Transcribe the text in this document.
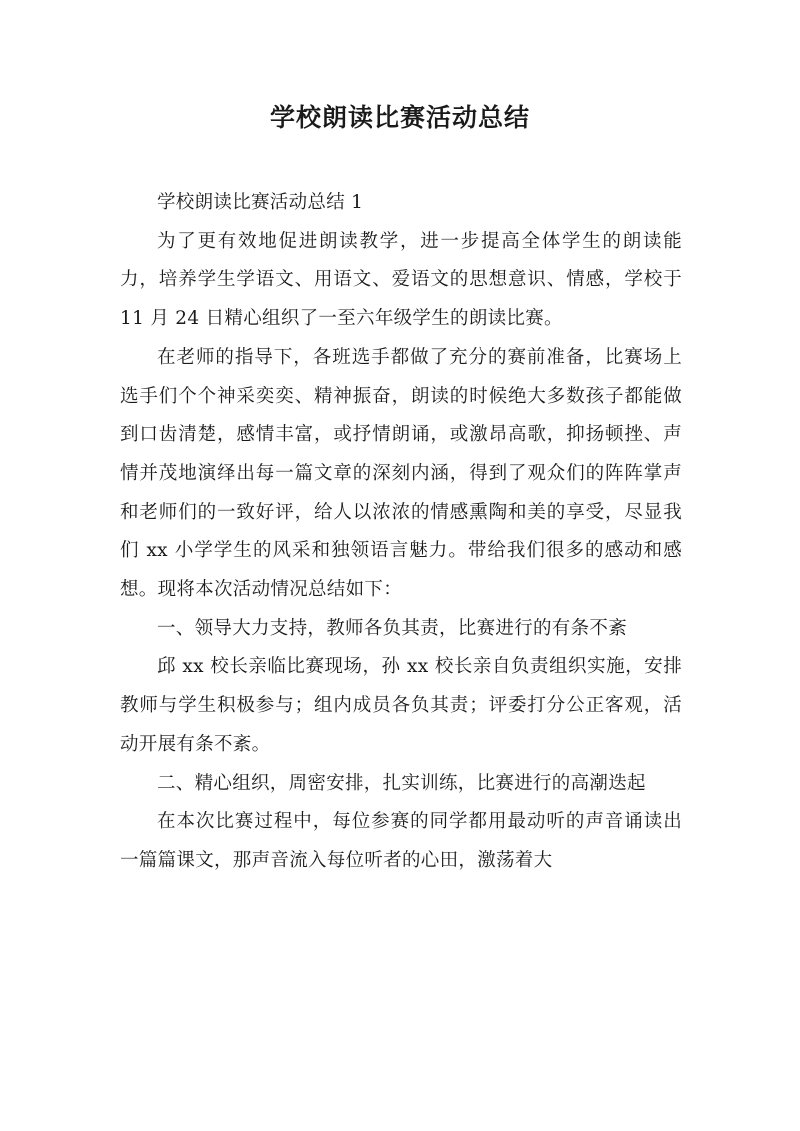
学校朗读比赛活动总结

学校朗读比赛活动总结 1

为了更有效地促进朗读教学，进一步提高全体学生的朗读能力，培养学生学语文、用语文、爱语文的思想意识、情感，学校于 11 月 24 日精心组织了一至六年级学生的朗读比赛。

在老师的指导下，各班选手都做了充分的赛前准备，比赛场上选手们个个神采奕奕、精神振奋，朗读的时候绝大多数孩子都能做到口齿清楚，感情丰富，或抒情朗诵，或激昂高歌，抑扬顿挫、声情并茂地演绎出每一篇文章的深刻内涵，得到了观众们的阵阵掌声和老师们的一致好评，给人以浓浓的情感熏陶和美的享受，尽显我们 xx 小学学生的风采和独领语言魅力。带给我们很多的感动和感想。现将本次活动情况总结如下：

一、领导大力支持，教师各负其责，比赛进行的有条不紊

邱 xx 校长亲临比赛现场，孙 xx 校长亲自负责组织实施，安排教师与学生积极参与；组内成员各负其责；评委打分公正客观，活动开展有条不紊。

二、精心组织，周密安排，扎实训练，比赛进行的高潮迭起

在本次比赛过程中，每位参赛的同学都用最动听的声音诵读出一篇篇课文，那声音流入每位听者的心田，激荡着大
